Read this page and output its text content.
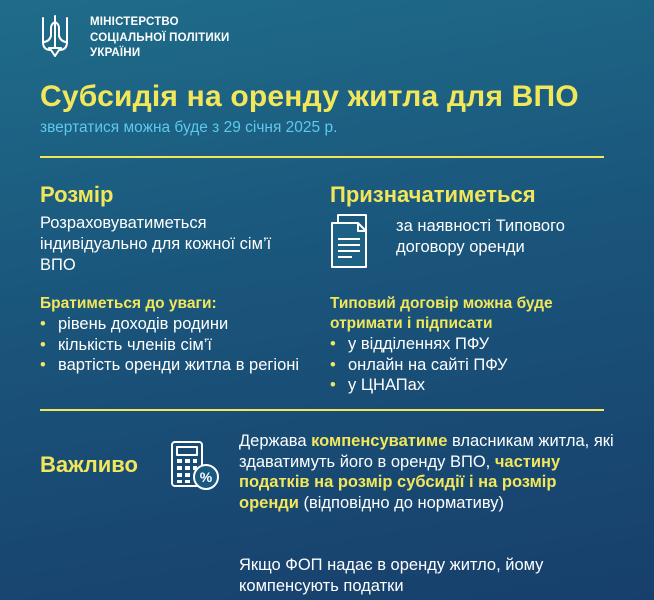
МІНІСТЕРСТВО
СОЦІАЛЬНОЇ ПОЛІТИКИ
УКРАЇНИ
Субсидія на оренду житла для ВПО
звертатися можна буде з 29 січня 2025 р.
Розмір
Розраховуватиметься індивідуально для кожної сім’ї ВПО
Братиметься до уваги:
• рівень доходів родини
• кількість членів сім’ї
• вартість оренди житла в регіоні
Призначатиметься
за наявності Типового договору оренди
Типовий договір можна буде отримати і підписати
• у відділеннях ПФУ
• онлайн на сайті ПФУ
• у ЦНАПах
Важливо	%
Держава компенсуватиме власникам житла, які здаватимуть його в оренду ВПО, частину податків на розмір субсидії і на розмір оренди (відповідно до нормативу)
Якщо ФОП надає в оренду житло, йому компенсують податки
